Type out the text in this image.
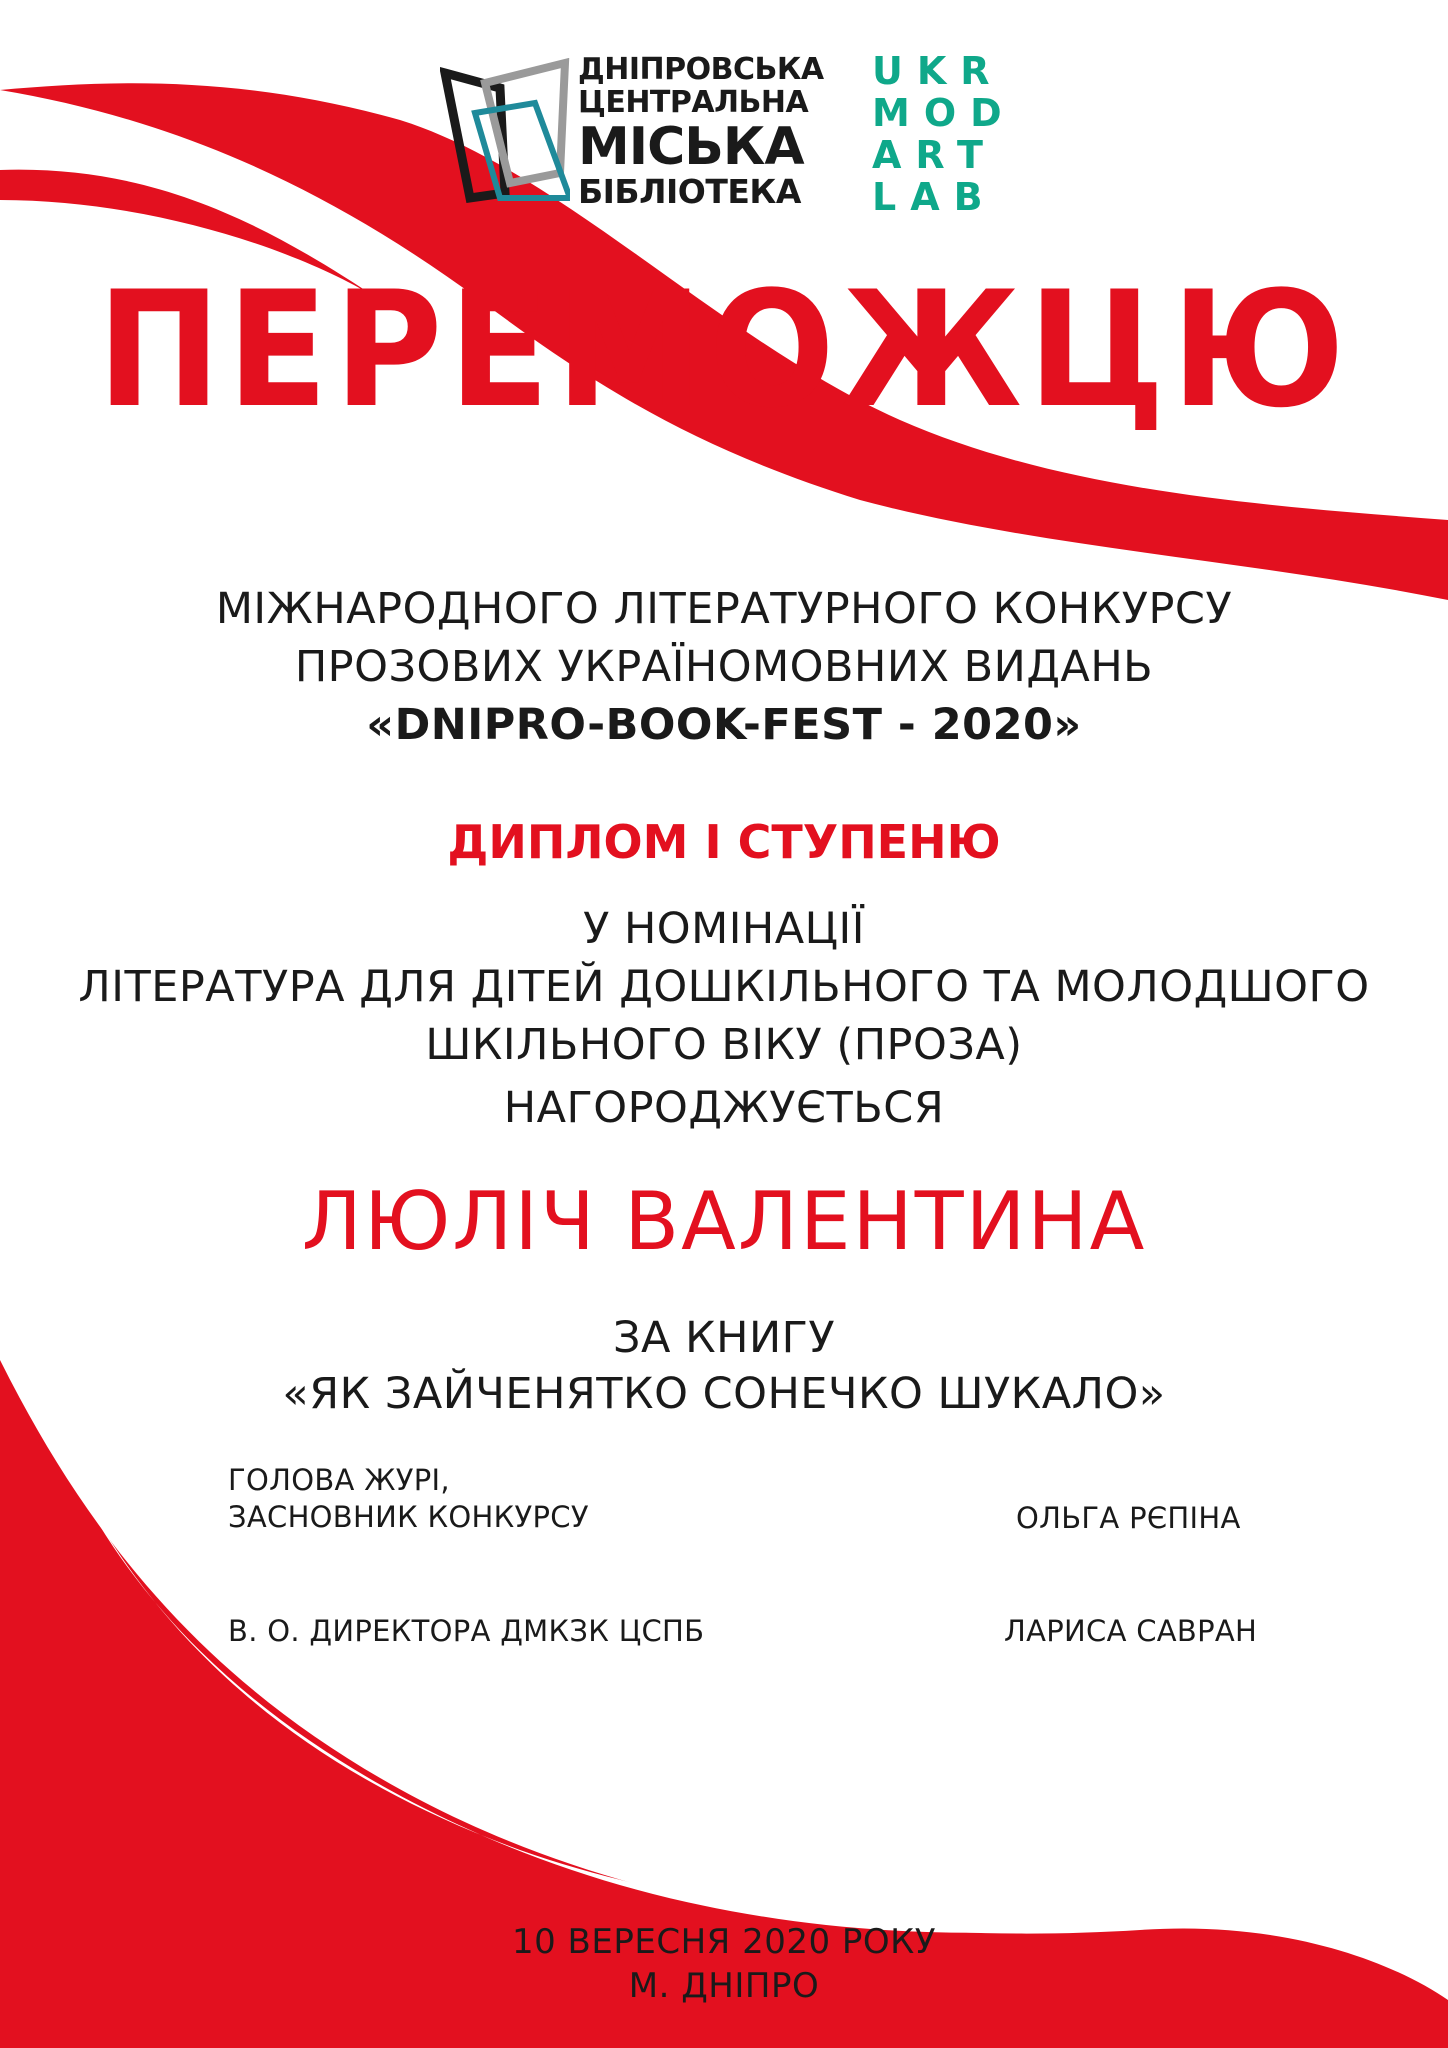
ДНІПРОВСЬКА
ЦЕНТРАЛЬНА
МІСЬКА
БІБЛІОТЕКА
UKR
MOD
ART
LAB
ПЕРЕМОЖЦЮ
МІЖНАРОДНОГО ЛІТЕРАТУРНОГО КОНКУРСУ
ПРОЗОВИХ УКРАЇНОМОВНИХ ВИДАНЬ
«DNIPRO-BOOK-FEST - 2020»
ДИПЛОМ І СТУПЕНЮ
У НОМІНАЦІЇ
ЛІТЕРАТУРА ДЛЯ ДІТЕЙ ДОШКІЛЬНОГО ТА МОЛОДШОГО
ШКІЛЬНОГО ВІКУ (ПРОЗА)
НАГОРОДЖУЄТЬСЯ
ЛЮЛІЧ ВАЛЕНТИНА
ЗА КНИГУ
«ЯК ЗАЙЧЕНЯТКО СОНЕЧКО ШУКАЛО»
ГОЛОВА ЖУРІ,
ЗАСНОВНИК КОНКУРСУ	ОЛЬГА РЄПІНА
В. О. ДИРЕКТОРА ДМКЗК ЦСПБ	ЛАРИСА САВРАН
10 ВЕРЕСНЯ 2020 РОКУ
М. ДНІПРО
